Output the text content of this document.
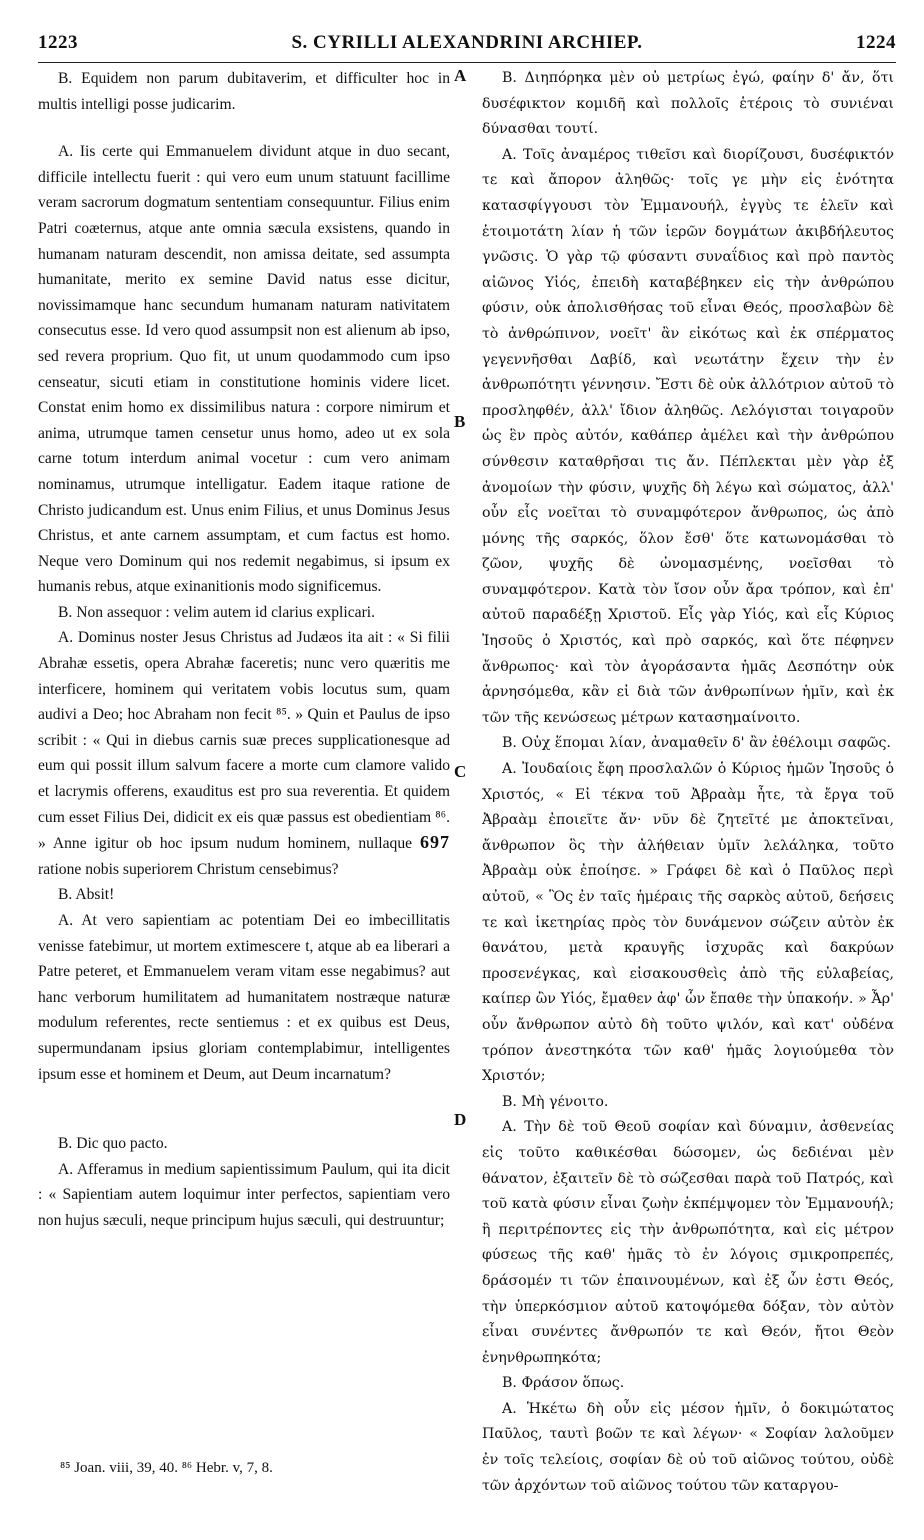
1223	S. CYRILLI ALEXANDRINI ARCHIEP.	1224

B. Equidem non parum dubitaverim, et difficulter hoc in multis intelligi posse judicarim.

A. Iis certe qui Emmanuelem dividunt atque in duo secant, difficile intellectu fuerit : qui vero eum unum statuunt facillime veram sacrorum dogmatum sententiam consequuntur. Filius enim Patri coæternus, atque ante omnia sæcula exsistens, quando in humanam naturam descendit, non amissa deitate, sed assumpta humanitate, merito ex semine David natus esse dicitur, novissimamque hanc secundum humanam naturam nativitatem consecutus esse. Id vero quod assumpsit non est alienum ab ipso, sed revera proprium. Quo fit, ut unum quodammodo cum ipso censeatur, sicuti etiam in constitutione hominis videre licet. Constat enim homo ex dissimilibus natura : corpore nimirum et anima, utrumque tamen censetur unus homo, adeo ut ex sola carne totum interdum animal vocetur : cum vero animam nominamus, utrumque intelligatur. Eadem itaque ratione de Christo judicandum est. Unus enim Filius, et unus Dominus Jesus Christus, et ante carnem assumptam, et cum factus est homo. Neque vero Dominum qui nos redemit negabimus, si ipsum ex humanis rebus, atque exinanitionis modo significemus.

B. Non assequor : velim autem id clarius explicari.

A. Dominus noster Jesus Christus ad Judæos ita ait : « Si filii Abrahæ essetis, opera Abrahæ faceretis; nunc vero quæritis me interficere, hominem qui veritatem vobis locutus sum, quam audivi a Deo; hoc Abraham non fecit ⁸⁵. » Quin et Paulus de ipso scribit : « Qui in diebus carnis suæ preces supplicationesque ad eum qui possit illum salvum facere a morte cum clamore valido et lacrymis offerens, exauditus est pro sua reverentia. Et quidem cum esset Filius Dei, didicit ex eis quæ passus est obedientiam ⁸⁶. » Anne igitur ob hoc ipsum nudum hominem, nullaque 697 ratione nobis superiorem Christum censebimus?

B. Absit!

A. At vero sapientiam ac potentiam Dei eo imbecillitatis venisse fatebimur, ut mortem extimescere t, atque ab ea liberari a Patre peteret, et Emmanuelem veram vitam esse negabimus? aut hanc verborum humilitatem ad humanitatem nostræque naturæ modulum referentes, recte sentiemus : et ex quibus est Deus, supermundanam ipsius gloriam contemplabimur, intelligentes ipsum esse et hominem et Deum, aut Deum incarnatum?

B. Dic quo pacto.

A. Afferamus in medium sapientissimum Paulum, qui ita dicit : « Sapientiam autem loquimur inter perfectos, sapientiam vero non hujus sæculi, neque principum hujus sæculi, qui destruuntur;

A
B
C
D

B. Διηπόρηκα μὲν οὐ μετρίως ἐγώ, φαίην δ' ἄν, ὅτι δυσέφικτον κομιδῆ καὶ πολλοῖς ἑτέροις τὸ συνιέναι δύνασθαι τουτί.

A. Τοῖς ἀναμέρος τιθεῖσι καὶ διορίζουσι, δυσέφικτόν τε καὶ ἄπορον ἀληθῶς· τοῖς γε μὴν εἰς ἑνότητα κατασφίγγουσι τὸν Ἐμμανουήλ, ἐγγὺς τε ἑλεῖν καὶ ἑτοιμοτάτη λίαν ἡ τῶν ἱερῶν δογμάτων ἀκιβδήλευτος γνῶσις. Ὁ γὰρ τῷ φύσαντι συναΐδιος καὶ πρὸ παντὸς αἰῶνος Υἱός, ἐπειδὴ καταβέβηκεν εἰς τὴν ἀνθρώπου φύσιν, οὐκ ἀπολισθήσας τοῦ εἶναι Θεός, προσλαβὼν δὲ τὸ ἀνθρώπινον, νοεῖτ' ἂν εἰκότως καὶ ἐκ σπέρματος γεγεννῆσθαι Δαβίδ, καὶ νεωτάτην ἔχειν τὴν ἐν ἀνθρωπότητι γέννησιν. Ἔστι δὲ οὐκ ἀλλότριον αὐτοῦ τὸ προσληφθέν, ἀλλ' ἴδιον ἀληθῶς. Λελόγισται τοιγαροῦν ὡς ἓν πρὸς αὐτόν, καθάπερ ἀμέλει καὶ τὴν ἀνθρώπου σύνθεσιν καταθρῆσαι τις ἄν. Πέπλεκται μὲν γὰρ ἐξ ἀνομοίων τὴν φύσιν, ψυχῆς δὴ λέγω καὶ σώματος, ἀλλ' οὖν εἷς νοεῖται τὸ συναμφότερον ἄνθρωπος, ὡς ἀπὸ μόνης τῆς σαρκός, ὅλον ἔσθ' ὅτε κατωνομάσθαι τὸ ζῶον, ψυχῆς δὲ ὠνομασμένης, νοεῖσθαι τὸ συναμφότερον. Κατὰ τὸν ἴσον οὖν ἄρα τρόπον, καὶ ἐπ' αὐτοῦ παραδέξῃ Χριστοῦ. Εἷς γὰρ Υἱός, καὶ εἷς Κύριος Ἰησοῦς ὁ Χριστός, καὶ πρὸ σαρκός, καὶ ὅτε πέφηνεν ἄνθρωπος· καὶ τὸν ἀγοράσαντα ἡμᾶς Δεσπότην οὐκ ἀρνησόμεθα, κἂν εἰ διὰ τῶν ἀνθρωπίνων ἡμῖν, καὶ ἐκ τῶν τῆς κενώσεως μέτρων κατασημαίνοιτο.

B. Οὐχ ἕπομαι λίαν, ἀναμαθεῖν δ' ἂν ἐθέλοιμι σαφῶς.

A. Ἰουδαίοις ἔφη προσλαλῶν ὁ Κύριος ἡμῶν Ἰησοῦς ὁ Χριστός, « Εἰ τέκνα τοῦ Ἀβραὰμ ἦτε, τὰ ἔργα τοῦ Ἀβραὰμ ἐποιεῖτε ἄν· νῦν δὲ ζητεῖτέ με ἀποκτεῖναι, ἄνθρωπον ὃς τὴν ἀλήθειαν ὑμῖν λελάληκα, τοῦτο Ἀβραὰμ οὐκ ἐποίησε. » Γράφει δὲ καὶ ὁ Παῦλος περὶ αὐτοῦ, « Ὃς ἐν ταῖς ἡμέραις τῆς σαρκὸς αὐτοῦ, δεήσεις τε καὶ ἱκετηρίας πρὸς τὸν δυνάμενον σώζειν αὐτὸν ἐκ θανάτου, μετὰ κραυγῆς ἰσχυρᾶς καὶ δακρύων προσενέγκας, καὶ εἰσακουσθεὶς ἀπὸ τῆς εὐλαβείας, καίπερ ὢν Υἱός, ἔμαθεν ἀφ' ὧν ἔπαθε τὴν ὑπακοήν. » Ἆρ' οὖν ἄνθρωπον αὐτὸ δὴ τοῦτο ψιλόν, καὶ κατ' οὐδένα τρόπον ἀνεστηκότα τῶν καθ' ἡμᾶς λογιούμεθα τὸν Χριστόν;

B. Μὴ γένοιτο.

A. Τὴν δὲ τοῦ Θεοῦ σοφίαν καὶ δύναμιν, ἀσθενείας εἰς τοῦτο καθικέσθαι δώσομεν, ὡς δεδιέναι μὲν θάνατον, ἐξαιτεῖν δὲ τὸ σώζεσθαι παρὰ τοῦ Πατρός, καὶ τοῦ κατὰ φύσιν εἶναι ζωὴν ἐκπέμψομεν τὸν Ἐμμανουήλ; ἢ περιτρέποντες εἰς τὴν ἀνθρωπότητα, καὶ εἰς μέτρον φύσεως τῆς καθ' ἡμᾶς τὸ ἐν λόγοις σμικροπρεπές, δράσομέν τι τῶν ἐπαινουμένων, καὶ ἐξ ὧν ἐστι Θεός, τὴν ὑπερκόσμιον αὐτοῦ κατοψόμεθα δόξαν, τὸν αὐτὸν εἶναι συνέντες ἄνθρωπόν τε καὶ Θεόν, ἤτοι Θεὸν ἐνηνθρωπηκότα;

B. Φράσον ὅπως.

A. Ἡκέτω δὴ οὖν εἰς μέσον ἡμῖν, ὁ δοκιμώτατος Παῦλος, ταυτὶ βοῶν τε καὶ λέγων· « Σοφίαν λαλοῦμεν ἐν τοῖς τελείοις, σοφίαν δὲ οὐ τοῦ αἰῶνος τούτου, οὐδὲ τῶν ἀρχόντων τοῦ αἰῶνος τούτου τῶν καταργου-

⁸⁵ Joan. viii, 39, 40. ⁸⁶ Hebr. v, 7, 8.
